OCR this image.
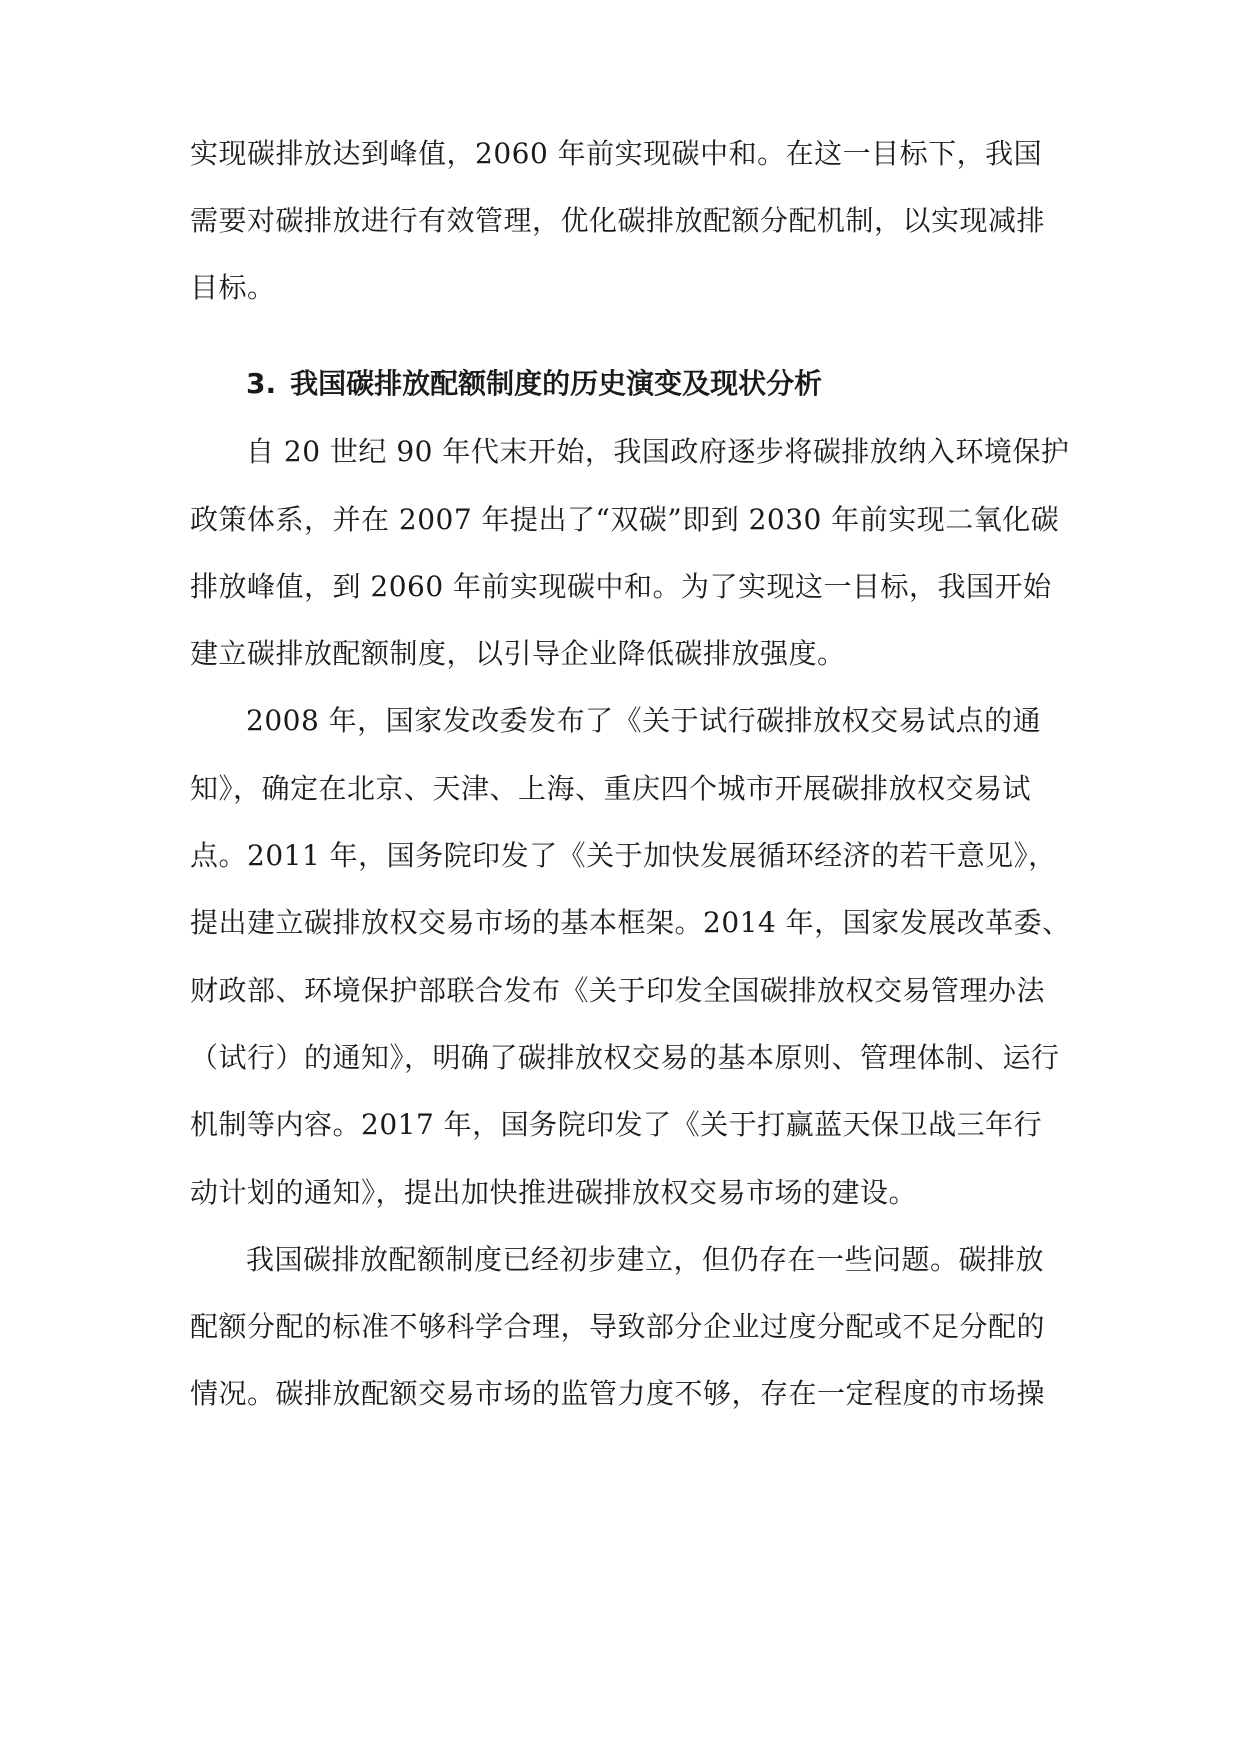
实现碳排放达到峰值，2060 年前实现碳中和。在这一目标下，我国
需要对碳排放进行有效管理，优化碳排放配额分配机制，以实现减排
目标。
3. 我国碳排放配额制度的历史演变及现状分析
自 20 世纪 90 年代末开始，我国政府逐步将碳排放纳入环境保护
政策体系，并在 2007 年提出了“双碳”即到 2030 年前实现二氧化碳
排放峰值，到 2060 年前实现碳中和。为了实现这一目标，我国开始
建立碳排放配额制度，以引导企业降低碳排放强度。
2008 年，国家发改委发布了《关于试行碳排放权交易试点的通
知》，确定在北京、天津、上海、重庆四个城市开展碳排放权交易试
点。2011 年，国务院印发了《关于加快发展循环经济的若干意见》，
提出建立碳排放权交易市场的基本框架。2014 年，国家发展改革委、
财政部、环境保护部联合发布《关于印发全国碳排放权交易管理办法
（试行）的通知》，明确了碳排放权交易的基本原则、管理体制、运行
机制等内容。2017 年，国务院印发了《关于打赢蓝天保卫战三年行
动计划的通知》，提出加快推进碳排放权交易市场的建设。
我国碳排放配额制度已经初步建立，但仍存在一些问题。碳排放
配额分配的标准不够科学合理，导致部分企业过度分配或不足分配的
情况。碳排放配额交易市场的监管力度不够，存在一定程度的市场操
